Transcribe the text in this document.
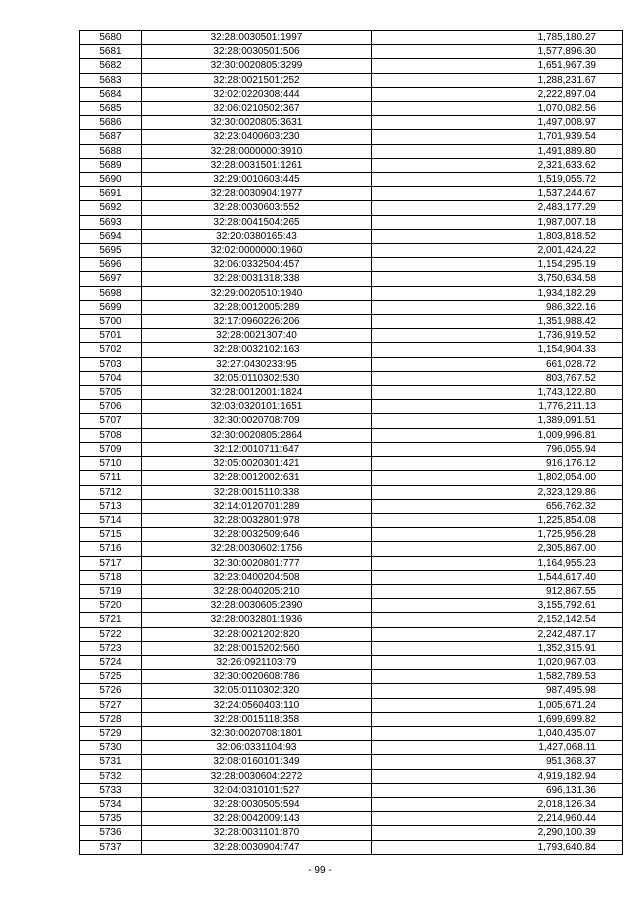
5680	32:28:0030501:1997	1,785,180.27
5681	32:28:0030501:506	1,577,896.30
5682	32:30:0020805:3299	1,651,967.39
5683	32:28:0021501:252	1,288,231.67
5684	32:02:0220308:444	2,222,897.04
5685	32:06:0210502:367	1,070,082.56
5686	32:30:0020805:3631	1,497,008.97
5687	32:23:0400603:230	1,701,939.54
5688	32:28:0000000:3910	1,491,889.80
5689	32:28:0031501:1261	2,321,633.62
5690	32:29:0010603:445	1,519,055.72
5691	32:28:0030904:1977	1,537,244.67
5692	32:28:0030603:552	2,483,177.29
5693	32:28:0041504:265	1,987,007.18
5694	32:20:0380165:43	1,803,818.52
5695	32:02:0000000:1960	2,001,424.22
5696	32:06:0332504:457	1,154,295.19
5697	32:28:0031318:338	3,750,634.58
5698	32:29:0020510:1940	1,934,182.29
5699	32:28:0012005:289	986,322.16
5700	32:17:0960226:206	1,351,988.42
5701	32:28:0021307:40	1,736,919.52
5702	32:28:0032102:163	1,154,904.33
5703	32:27:0430233:95	661,028.72
5704	32:05:0110302:530	803,767.52
5705	32:28:0012001:1824	1,743,122.80
5706	32:03:0320101:1651	1,776,211.13
5707	32:30:0020708:709	1,389,091.51
5708	32:30:0020805:2864	1,009,996.81
5709	32:12:0010711:647	796,055.94
5710	32:05:0020301:421	916,176.12
5711	32:28:0012002:631	1,802,054.00
5712	32:28:0015110:338	2,323,129.86
5713	32:14:0120701:289	656,762.32
5714	32:28:0032801:978	1,225,854.08
5715	32:28:0032509:646	1,725,956.28
5716	32:28:0030602:1756	2,305,867.00
5717	32:30:0020801:777	1,164,955.23
5718	32:23:0400204:508	1,544,617.40
5719	32:28:0040205:210	912,867.55
5720	32:28:0030605:2390	3,155,792.61
5721	32:28:0032801:1936	2,152,142.54
5722	32:28:0021202:820	2,242,487.17
5723	32:28:0015202:560	1,352,315.91
5724	32:26:0921103:79	1,020,967.03
5725	32:30:0020608:786	1,582,789.53
5726	32:05:0110302:320	987,495.98
5727	32:24:0560403:110	1,005,671.24
5728	32:28:0015118:358	1,699,699.82
5729	32:30:0020708:1801	1,040,435.07
5730	32:06:0331104:93	1,427,068.11
5731	32:08:0160101:349	951,368.37
5732	32:28:0030604:2272	4,919,182.94
5733	32:04:0310101:527	696,131.36
5734	32:28:0030505:594	2,018,126.34
5735	32:28:0042009:143	2,214,960.44
5736	32:28:0031101:870	2,290,100.39
5737	32:28:0030904:747	1,793,640.84
- 99 -
